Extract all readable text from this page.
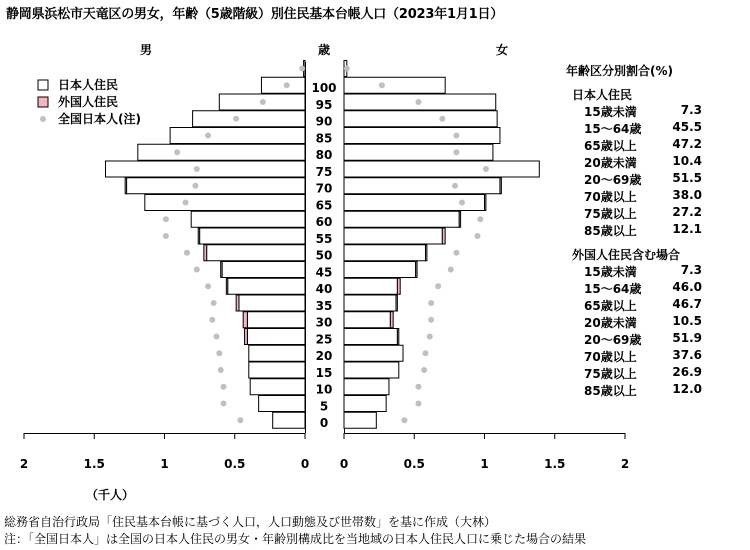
静岡県浜松市天竜区の男女，年齢（5歳階級）別住民基本台帳人口（2023年1月1日）
0
5
10
15
20
25
30
35
40
45
50
55
60
65
70
75
80
85
90
95
100
0	0
0.5	0.5
1	1
1.5	1.5
2	2
男	歳	女
日本人住民
外国人住民
全国日本人(注)
（千人）
年齢区分別割合(%)
日本人住民
15歳未満	7.3
15～64歳	45.5
65歳以上	47.2
20歳未満	10.4
20～69歳	51.5
70歳以上	38.0
75歳以上	27.2
85歳以上	12.1
外国人住民含む場合
15歳未満	7.3
15～64歳	46.0
65歳以上	46.7
20歳未満	10.5
20～69歳	51.9
70歳以上	37.6
75歳以上	26.9
85歳以上	12.0
総務省自治行政局「住民基本台帳に基づく人口，人口動態及び世帯数」を基に作成（大林）
注：「全国日本人」は全国の日本人住民の男女・年齢別構成比を当地域の日本人住民人口に乗じた場合の結果
